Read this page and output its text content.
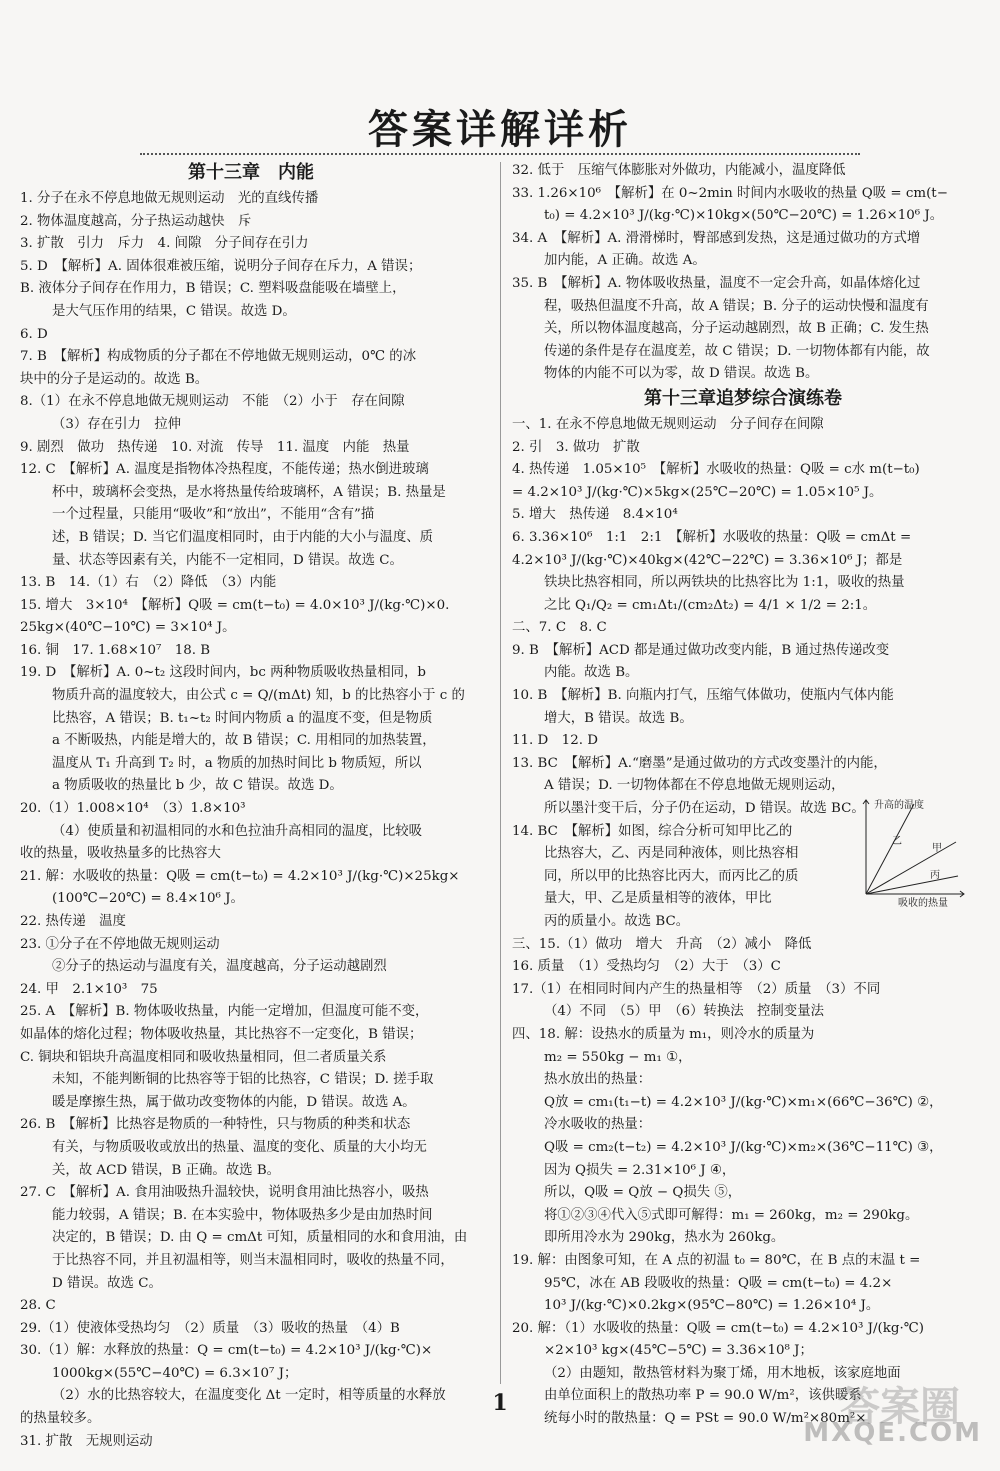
答案详解详析
第十三章　内能
1. 分子在永不停息地做无规则运动　光的直线传播
2. 物体温度越高，分子热运动越快　斥
3. 扩散　引力　斥力　4. 间隙　分子间存在引力
5. D　【解析】A. 固体很难被压缩，说明分子间存在斥力，A 错误；
B. 液体分子间存在作用力，B 错误；C. 塑料吸盘能吸在墙壁上，
是大气压作用的结果，C 错误。故选 D。
6. D
7. B　【解析】构成物质的分子都在不停地做无规则运动，0℃ 的冰
块中的分子是运动的。故选 B。
8.（1）在永不停息地做无规则运动　不能　（2）小于　存在间隙
（3）存在引力　拉伸
9. 剧烈　做功　热传递　10. 对流　传导　11. 温度　内能　热量
12. C　【解析】A. 温度是指物体冷热程度，不能传递；热水倒进玻璃
杯中，玻璃杯会变热，是水将热量传给玻璃杯，A 错误；B. 热量是
一个过程量，只能用“吸收”和“放出”，不能用“含有”描
述，B 错误；D. 当它们温度相同时，由于内能的大小与温度、质
量、状态等因素有关，内能不一定相同，D 错误。故选 C。
13. B　14.（1）右　（2）降低　（3）内能
15. 增大　3×10⁴　【解析】Q吸 = cm(t−t₀) = 4.0×10³ J/(kg·℃)×0.
25kg×(40℃−10℃) = 3×10⁴ J。
16. 铜　17. 1.68×10⁷　18. B
19. D　【解析】A. 0~t₂ 这段时间内，bc 两种物质吸收热量相同，b
物质升高的温度较大，由公式 c = Q/(mΔt) 知，b 的比热容小于 c 的
比热容，A 错误；B. t₁~t₂ 时间内物质 a 的温度不变，但是物质
a 不断吸热，内能是增大的，故 B 错误；C. 用相同的加热装置，
温度从 T₁ 升高到 T₂ 时，a 物质的加热时间比 b 物质短，所以
a 物质吸收的热量比 b 少，故 C 错误。故选 D。
20.（1）1.008×10⁴　（3）1.8×10³
（4）使质量和初温相同的水和色拉油升高相同的温度，比较吸
收的热量，吸收热量多的比热容大
21. 解：水吸收的热量：Q吸 = cm(t−t₀) = 4.2×10³ J/(kg·℃)×25kg×
(100℃−20℃) = 8.4×10⁶ J。
22. 热传递　温度
23. ①分子在不停地做无规则运动
②分子的热运动与温度有关，温度越高，分子运动越剧烈
24. 甲　2.1×10³　75
25. A　【解析】B. 物体吸收热量，内能一定增加，但温度可能不变，
如晶体的熔化过程；物体吸收热量，其比热容不一定变化，B 错误；
C. 铜块和铝块升高温度相同和吸收热量相同，但二者质量关系
未知，不能判断铜的比热容等于铝的比热容，C 错误；D. 搓手取
暖是摩擦生热，属于做功改变物体的内能，D 错误。故选 A。
26. B　【解析】比热容是物质的一种特性，只与物质的种类和状态
有关，与物质吸收或放出的热量、温度的变化、质量的大小均无
关，故 ACD 错误，B 正确。故选 B。
27. C　【解析】A. 食用油吸热升温较快，说明食用油比热容小，吸热
能力较弱，A 错误；B. 在本实验中，物体吸热多少是由加热时间
决定的，B 错误；D. 由 Q = cmΔt 可知，质量相同的水和食用油，由
于比热容不同，并且初温相等，则当末温相同时，吸收的热量不同，
D 错误。故选 C。
28. C
29.（1）使液体受热均匀　（2）质量　（3）吸收的热量　（4）B
30.（1）解：水释放的热量：Q = cm(t−t₀) = 4.2×10³ J/(kg·℃)×
1000kg×(55℃−40℃) = 6.3×10⁷ J；
（2）水的比热容较大，在温度变化 Δt 一定时，相等质量的水释放
的热量较多。
31. 扩散　无规则运动
32. 低于　压缩气体膨胀对外做功，内能减小，温度降低
33. 1.26×10⁶　【解析】在 0~2min 时间内水吸收的热量 Q吸 = cm(t−
t₀) = 4.2×10³ J/(kg·℃)×10kg×(50℃−20℃) = 1.26×10⁶ J。
34. A　【解析】A. 滑滑梯时，臀部感到发热，这是通过做功的方式增
加内能，A 正确。故选 A。
35. B　【解析】A. 物体吸收热量，温度不一定会升高，如晶体熔化过
程，吸热但温度不升高，故 A 错误；B. 分子的运动快慢和温度有
关，所以物体温度越高，分子运动越剧烈，故 B 正确；C. 发生热
传递的条件是存在温度差，故 C 错误；D. 一切物体都有内能，故
物体的内能不可以为零，故 D 错误。故选 B。
第十三章追梦综合演练卷
一、1. 在永不停息地做无规则运动　分子间存在间隙
2. 引　3. 做功　扩散
4. 热传递　1.05×10⁵　【解析】水吸收的热量：Q吸 = c水 m(t−t₀)
= 4.2×10³ J/(kg·℃)×5kg×(25℃−20℃) = 1.05×10⁵ J。
5. 增大　热传递　8.4×10⁴
6. 3.36×10⁶　1:1　2:1　【解析】水吸收的热量：Q吸 = cmΔt =
4.2×10³ J/(kg·℃)×40kg×(42℃−22℃) = 3.36×10⁶ J；都是
铁块比热容相同，所以两铁块的比热容比为 1:1，吸收的热量
之比 Q₁/Q₂ = cm₁Δt₁/(cm₂Δt₂) = 4/1 × 1/2 = 2:1。
二、7. C　8. C
9. B　【解析】ACD 都是通过做功改变内能，B 通过热传递改变
内能。故选 B。
10. B　【解析】B. 向瓶内打气，压缩气体做功，使瓶内气体内能
增大，B 错误。故选 B。
11. D　12. D
13. BC　【解析】A.“磨墨”是通过做功的方式改变墨汁的内能，
A 错误；D. 一切物体都在不停息地做无规则运动，
所以墨汁变干后，分子仍在运动，D 错误。故选 BC。
14. BC　【解析】如图，综合分析可知甲比乙的
比热容大，乙、丙是同种液体，则比热容相
同，所以甲的比热容比丙大，而丙比乙的质
量大，甲、乙是质量相等的液体，甲比
丙的质量小。故选 BC。
三、15.（1）做功　增大　升高　（2）减小　降低
16. 质量　（1）受热均匀　（2）大于　（3）C
17.（1）在相同时间内产生的热量相等　（2）质量　（3）不同
（4）不同　（5）甲　（6）转换法　控制变量法
四、18. 解：设热水的质量为 m₁，则冷水的质量为
m₂ = 550kg − m₁ ①，
热水放出的热量：
Q放 = cm₁(t₁−t) = 4.2×10³ J/(kg·℃)×m₁×(66℃−36℃) ②，
冷水吸收的热量：
Q吸 = cm₂(t−t₂) = 4.2×10³ J/(kg·℃)×m₂×(36℃−11℃) ③，
因为 Q损失 = 2.31×10⁶ J ④，
所以，Q吸 = Q放 − Q损失 ⑤，
将①②③④代入⑤式即可解得：m₁ = 260kg，m₂ = 290kg。
即所用冷水为 290kg，热水为 260kg。
19. 解：由图象可知，在 A 点的初温 t₀ = 80℃，在 B 点的末温 t =
95℃，冰在 AB 段吸收的热量：Q吸 = cm(t−t₀) = 4.2×
10³ J/(kg·℃)×0.2kg×(95℃−80℃) = 1.26×10⁴ J。
20. 解：（1）水吸收的热量：Q吸 = cm(t−t₀) = 4.2×10³ J/(kg·℃)
×2×10³ kg×(45℃−5℃) = 3.36×10⁸ J；
（2）由题知，散热管材料为聚丁烯，用木地板，该家庭地面
由单位面积上的散热功率 P = 90.0 W/m²，该供暖系
统每小时的散热量：Q = PSt = 90.0 W/m²×80m²×
升高的温度
乙
甲
丙
吸收的热量
1	答案圈
MXQE.COM
